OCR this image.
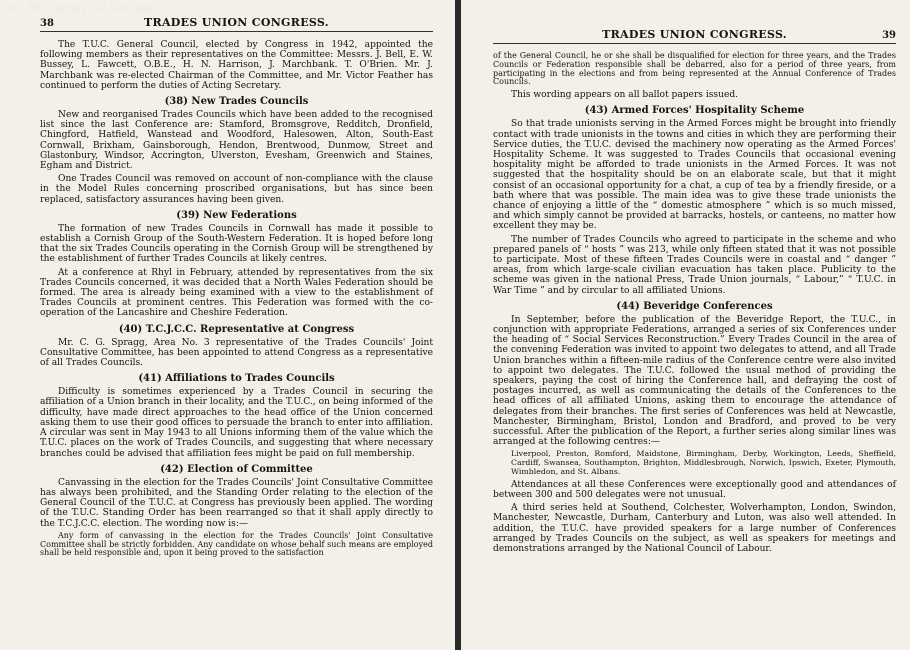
(c) TUC Library Collections
38	TRADES UNION CONGRESS.

The T.U.C. General Council, elected by Congress in 1942, appointed the following members as their representatives on the Committee: Messrs. J. Bell, E. W. Bussey, L. Fawcett, O.B.E., H. N. Harrison, J. Marchbank. T. O'Brien. Mr. J. Marchbank was re-elected Chairman of the Committee, and Mr. Victor Feather has continued to perform the duties of Acting Secretary.

(38) New Trades Councils

New and reorganised Trades Councils which have been added to the recognised list since the last Conference are: Stamford, Bromsgrove, Redditch, Dronfield, Chingford, Hatfield, Wanstead and Woodford, Halesowen, Alton, South-East Cornwall, Brixham, Gainsborough, Hendon, Brentwood, Dunmow, Street and Glastonbury, Windsor, Accrington, Ulverston, Evesham, Greenwich and Staines, Egham and District.

One Trades Council was removed on account of non-compliance with the clause in the Model Rules concerning proscribed organisations, but has since been replaced, satisfactory assurances having been given.

(39) New Federations

The formation of new Trades Councils in Cornwall has made it possible to establish a Cornish Group of the South-Western Federation. It is hoped before long that the six Trades Councils operating in the Cornish Group will be strengthened by the establishment of further Trades Councils at likely centres.

At a conference at Rhyl in February, attended by representatives from the six Trades Councils concerned, it was decided that a North Wales Federation should be formed. The area is already being examined with a view to the establishment of Trades Councils at prominent centres. This Federation was formed with the co-operation of the Lancashire and Cheshire Federation.

(40) T.C.J.C.C. Representative at Congress

Mr. C. G. Spragg, Area No. 3 representative of the Trades Councils' Joint Consultative Committee, has been appointed to attend Congress as a representative of all Trades Councils.

(41) Affiliations to Trades Councils

Difficulty is sometimes experienced by a Trades Council in securing the affiliation of a Union branch in their locality, and the T.U.C., on being informed of the difficulty, have made direct approaches to the head office of the Union concerned asking them to use their good offices to persuade the branch to enter into affiliation. A circular was sent in May 1943 to all Unions informing them of the value which the T.U.C. places on the work of Trades Councils, and suggesting that where necessary branches could be advised that affiliation fees might be paid on full membership.

(42) Election of Committee

Canvassing in the election for the Trades Councils' Joint Consultative Committee has always been prohibited, and the Standing Order relating to the election of the General Council of the T.U.C. at Congress has previously been applied. The wording of the T.U.C. Standing Order has been rearranged so that it shall apply directly to the T.C.J.C.C. election. The wording now is:—

Any form of canvassing in the election for the Trades Councils' Joint Consultative Committee shall be strictly forbidden. Any candidate on whose behalf such means are employed shall be held responsible and, upon it being proved to the satisfaction

TRADES UNION CONGRESS.	39

of the General Council, he or she shall be disqualified for election for three years, and the Trades Councils or Federation responsible shall be debarred, also for a period of three years, from participating in the elections and from being represented at the Annual Conference of Trades Councils.

This wording appears on all ballot papers issued.

(43) Armed Forces' Hospitality Scheme

So that trade unionists serving in the Armed Forces might be brought into friendly contact with trade unionists in the towns and cities in which they are performing their Service duties, the T.U.C. devised the machinery now operating as the Armed Forces' Hospitality Scheme. It was suggested to Trades Councils that occasional evening hospitality might be afforded to trade unionists in the Armed Forces. It was not suggested that the hospitality should be on an elaborate scale, but that it might consist of an occasional opportunity for a chat, a cup of tea by a friendly fireside, or a bath where that was possible. The main idea was to give these trade unionists the chance of enjoying a little of the “ domestic atmosphere ” which is so much missed, and which simply cannot be provided at barracks, hostels, or canteens, no matter how excellent they may be.

The number of Trades Councils who agreed to participate in the scheme and who prepared panels of “ hosts ” was 213, while only fifteen stated that it was not possible to participate. Most of these fifteen Trades Councils were in coastal and “ danger ” areas, from which large-scale civilian evacuation has taken place. Publicity to the scheme was given in the national Press, Trade Union journals, “ Labour,” “ T.U.C. in War Time ” and by circular to all affiliated Unions.

(44) Beveridge Conferences

In September, before the publication of the Beveridge Report, the T.U.C., in conjunction with appropriate Federations, arranged a series of six Conferences under the heading of “ Social Services Reconstruction.” Every Trades Council in the area of the convening Federation was invited to appoint two delegates to attend, and all Trade Union branches within a fifteen-mile radius of the Conference centre were also invited to appoint two delegates. The T.U.C. followed the usual method of providing the speakers, paying the cost of hiring the Conference hall, and defraying the cost of postages incurred, as well as communicating the details of the Conferences to the head offices of all affiliated Unions, asking them to encourage the attendance of delegates from their branches. The first series of Conferences was held at Newcastle, Manchester, Birmingham, Bristol, London and Bradford, and proved to be very successful. After the publication of the Report, a further series along similar lines was arranged at the following centres:—

Liverpool, Preston, Romford, Maidstone, Birmingham, Derby, Workington, Leeds, Sheffield, Cardiff, Swansea, Southampton, Brighton, Middlesbrough, Norwich, Ipswich, Exeter, Plymouth, Wimbledon, and St. Albans.

Attendances at all these Conferences were exceptionally good and attendances of between 300 and 500 delegates were not unusual.

A third series held at Southend, Colchester, Wolverhampton, London, Swindon, Manchester, Newcastle, Durham, Canterbury and Luton, was also well attended. In addition, the T.U.C. have provided speakers for a large number of Conferences arranged by Trades Councils on the subject, as well as speakers for meetings and demonstrations arranged by the National Council of Labour.
